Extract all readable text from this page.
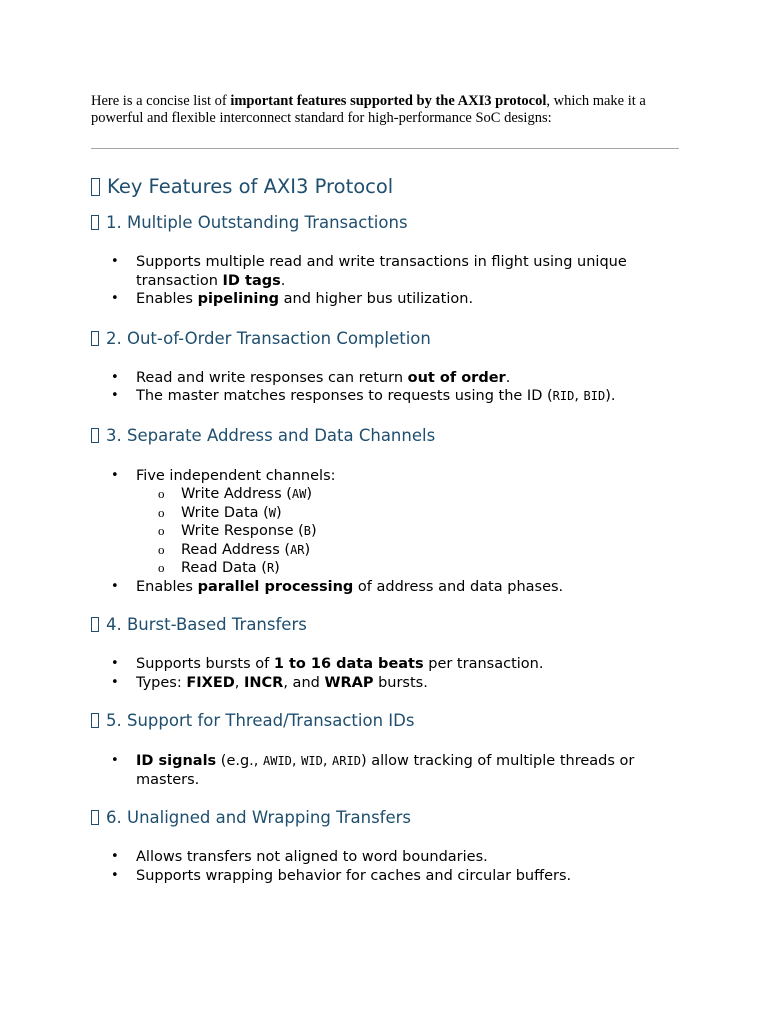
Here is a concise list of important features supported by the AXI3 protocol, which make it a powerful and flexible interconnect standard for high-performance SoC designs:

Key Features of AXI3 Protocol
1. Multiple Outstanding Transactions
• Supports multiple read and write transactions in flight using unique transaction ID tags.
• Enables pipelining and higher bus utilization.
2. Out-of-Order Transaction Completion
• Read and write responses can return out of order.
• The master matches responses to requests using the ID (RID, BID).
3. Separate Address and Data Channels
• Five independent channels:
o Write Address (AW)
o Write Data (W)
o Write Response (B)
o Read Address (AR)
o Read Data (R)
• Enables parallel processing of address and data phases.
4. Burst-Based Transfers
• Supports bursts of 1 to 16 data beats per transaction.
• Types: FIXED, INCR, and WRAP bursts.
5. Support for Thread/Transaction IDs
• ID signals (e.g., AWID, WID, ARID) allow tracking of multiple threads or masters.
6. Unaligned and Wrapping Transfers
• Allows transfers not aligned to word boundaries.
• Supports wrapping behavior for caches and circular buffers.
